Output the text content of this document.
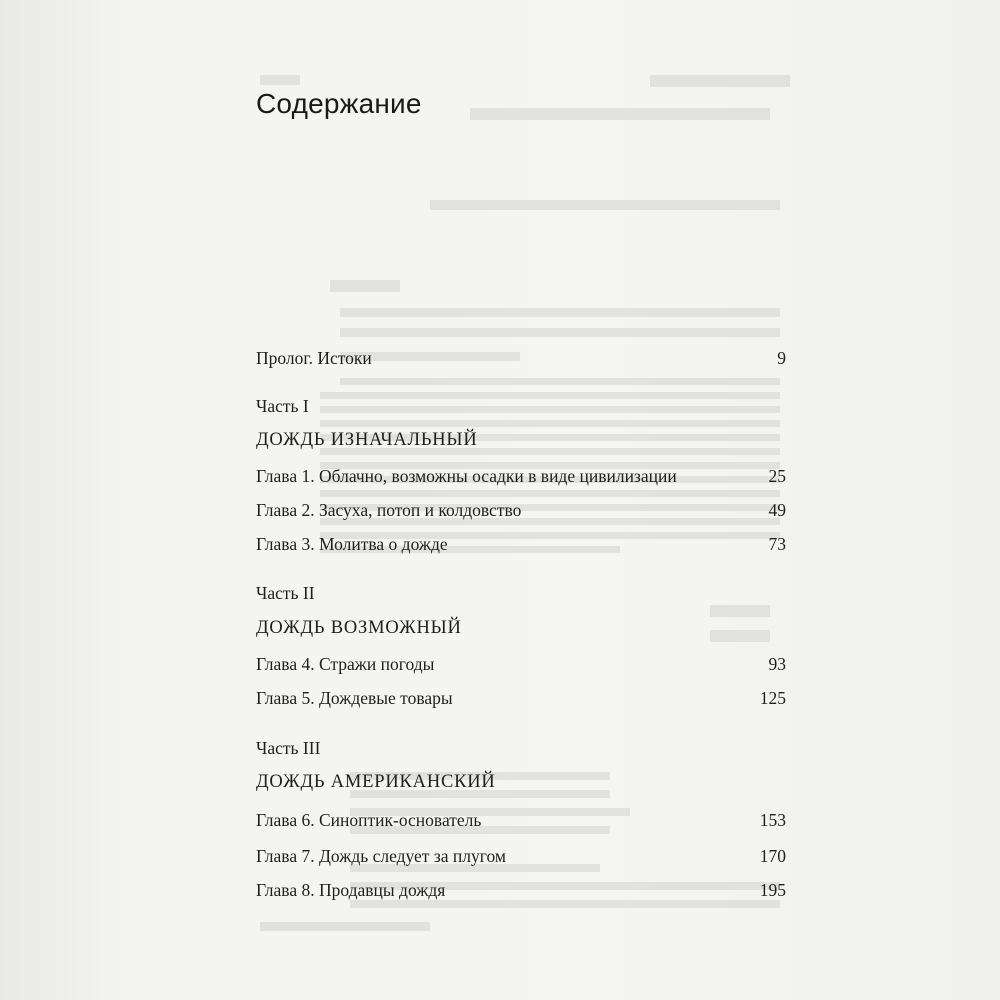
Содержание
Пролог. Истоки	9
Часть I
ДОЖДЬ ИЗНАЧАЛЬНЫЙ
Глава 1. Облачно, возможны осадки в виде цивилизации	25
Глава 2. Засуха, потоп и колдовство	49
Глава 3. Молитва о дожде	73
Часть II
ДОЖДЬ ВОЗМОЖНЫЙ
Глава 4. Стражи погоды	93
Глава 5. Дождевые товары	125
Часть III
ДОЖДЬ АМЕРИКАНСКИЙ
Глава 6. Синоптик-основатель	153
Глава 7. Дождь следует за плугом	170
Глава 8. Продавцы дождя	195
